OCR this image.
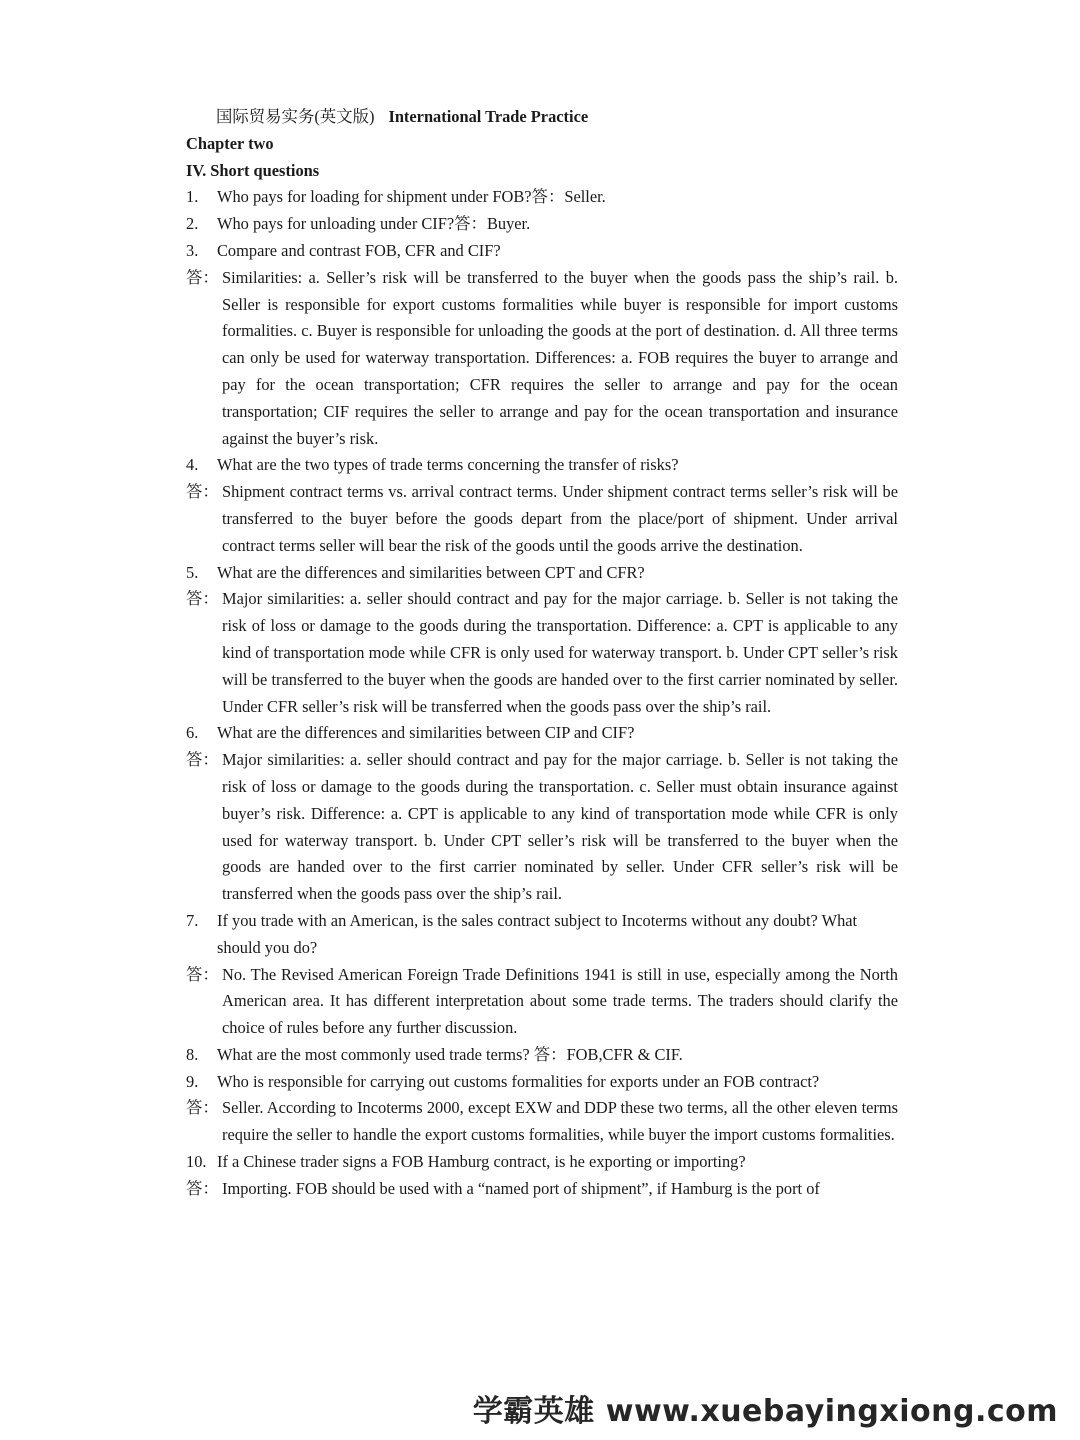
国际贸易实务(英文版) International Trade Practice
Chapter two
IV. Short questions
1. Who pays for loading for shipment under FOB?答：Seller.
2. Who pays for unloading under CIF?答：Buyer.
3. Compare and contrast FOB, CFR and CIF?
答： Similarities: a. Seller’s risk will be transferred to the buyer when the goods pass the ship’s rail. b. Seller is responsible for export customs formalities while buyer is responsible for import customs formalities. c. Buyer is responsible for unloading the goods at the port of destination. d. All three terms can only be used for waterway transportation. Differences: a. FOB requires the buyer to arrange and pay for the ocean transportation; CFR requires the seller to arrange and pay for the ocean transportation; CIF requires the seller to arrange and pay for the ocean transportation and insurance against the buyer’s risk.
4. What are the two types of trade terms concerning the transfer of risks?
答： Shipment contract terms vs. arrival contract terms. Under shipment contract terms seller’s risk will be transferred to the buyer before the goods depart from the place/port of shipment. Under arrival contract terms seller will bear the risk of the goods until the goods arrive the destination.
5. What are the differences and similarities between CPT and CFR?
答： Major similarities: a. seller should contract and pay for the major carriage. b. Seller is not taking the risk of loss or damage to the goods during the transportation. Difference: a. CPT is applicable to any kind of transportation mode while CFR is only used for waterway transport. b. Under CPT seller’s risk will be transferred to the buyer when the goods are handed over to the first carrier nominated by seller. Under CFR seller’s risk will be transferred when the goods pass over the ship’s rail.
6. What are the differences and similarities between CIP and CIF?
答： Major similarities: a. seller should contract and pay for the major carriage. b. Seller is not taking the risk of loss or damage to the goods during the transportation. c. Seller must obtain insurance against buyer’s risk. Difference: a. CPT is applicable to any kind of transportation mode while CFR is only used for waterway transport. b. Under CPT seller’s risk will be transferred to the buyer when the goods are handed over to the first carrier nominated by seller. Under CFR seller’s risk will be transferred when the goods pass over the ship’s rail.
7. If you trade with an American, is the sales contract subject to Incoterms without any doubt? What should you do?
答： No. The Revised American Foreign Trade Definitions 1941 is still in use, especially among the North American area. It has different interpretation about some trade terms. The traders should clarify the choice of rules before any further discussion.
8. What are the most commonly used trade terms? 答：FOB,CFR & CIF.
9. Who is responsible for carrying out customs formalities for exports under an FOB contract?
答： Seller. According to Incoterms 2000, except EXW and DDP these two terms, all the other eleven terms require the seller to handle the export customs formalities, while buyer the import customs formalities.
10. If a Chinese trader signs a FOB Hamburg contract, is he exporting or importing?
答： Importing. FOB should be used with a “named port of shipment”, if Hamburg is the port of
学霸英雄 www.xuebayingxiong.com
